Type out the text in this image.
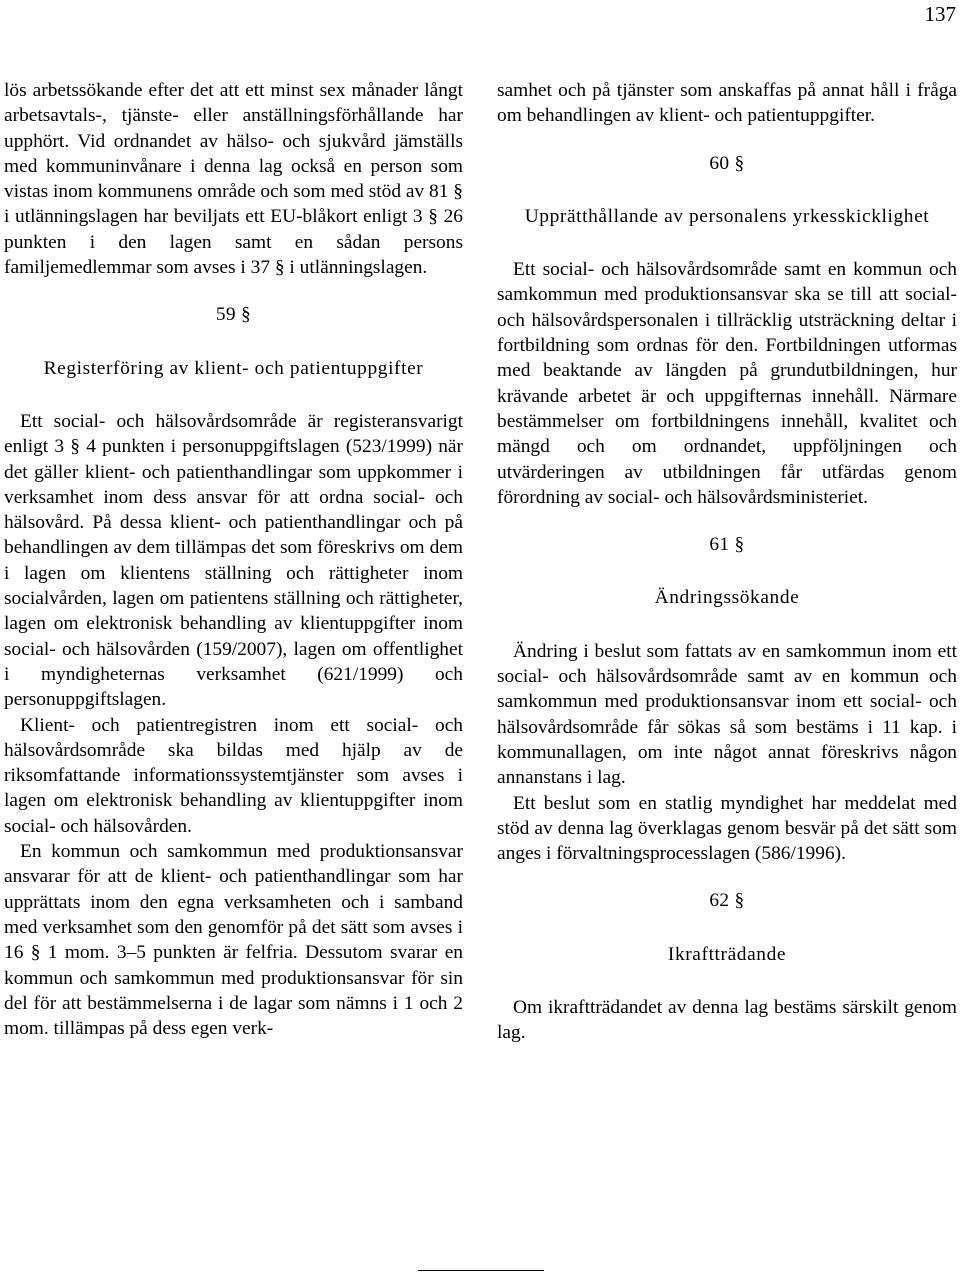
137

lös arbetssökande efter det att ett minst sex månader långt arbetsavtals-, tjänste- eller anställningsförhållande har upphört. Vid ordnandet av hälso- och sjukvård jämställs med kommuninvånare i denna lag också en person som vistas inom kommunens område och som med stöd av 81 § i utlänningslagen har beviljats ett EU-blåkort enligt 3 § 26 punkten i den lagen samt en sådan persons familjemedlemmar som avses i 37 § i utlänningslagen.

59 §
Registerföring av klient- och patientuppgifter

Ett social- och hälsovårdsområde är registeransvarigt enligt 3 § 4 punkten i personuppgiftslagen (523/1999) när det gäller klient- och patienthandlingar som uppkommer i verksamhet inom dess ansvar för att ordna social- och hälsovård. På dessa klient- och patienthandlingar och på behandlingen av dem tillämpas det som föreskrivs om dem i lagen om klientens ställning och rättigheter inom socialvården, lagen om patientens ställning och rättigheter, lagen om elektronisk behandling av klientuppgifter inom social- och hälsovården (159/2007), lagen om offentlighet i myndigheternas verksamhet (621/1999) och personuppgiftslagen.

Klient- och patientregistren inom ett social- och hälsovårdsområde ska bildas med hjälp av de riksomfattande informationssystemtjänster som avses i lagen om elektronisk behandling av klientuppgifter inom social- och hälsovården.

En kommun och samkommun med produktionsansvar ansvarar för att de klient- och patienthandlingar som har upprättats inom den egna verksamheten och i samband med verksamhet som den genomför på det sätt som avses i 16 § 1 mom. 3–5 punkten är felfria. Dessutom svarar en kommun och samkommun med produktionsansvar för sin del för att bestämmelserna i de lagar som nämns i 1 och 2 mom. tillämpas på dess egen verk-

samhet och på tjänster som anskaffas på annat håll i fråga om behandlingen av klient- och patientuppgifter.

60 §
Upprätthållande av personalens yrkesskicklighet

Ett social- och hälsovårdsområde samt en kommun och samkommun med produktionsansvar ska se till att social- och hälsovårdspersonalen i tillräcklig utsträckning deltar i fortbildning som ordnas för den. Fortbildningen utformas med beaktande av längden på grundutbildningen, hur krävande arbetet är och uppgifternas innehåll. Närmare bestämmelser om fortbildningens innehåll, kvalitet och mängd och om ordnandet, uppföljningen och utvärderingen av utbildningen får utfärdas genom förordning av social- och hälsovårdsministeriet.

61 §
Ändringssökande

Ändring i beslut som fattats av en samkommun inom ett social- och hälsovårdsområde samt av en kommun och samkommun med produktionsansvar inom ett social- och hälsovårdsområde får sökas så som bestäms i 11 kap. i kommunallagen, om inte något annat föreskrivs någon annanstans i lag.

Ett beslut som en statlig myndighet har meddelat med stöd av denna lag överklagas genom besvär på det sätt som anges i förvaltningsprocesslagen (586/1996).

62 §
Ikraftträdande

Om ikraftträdandet av denna lag bestäms särskilt genom lag.
